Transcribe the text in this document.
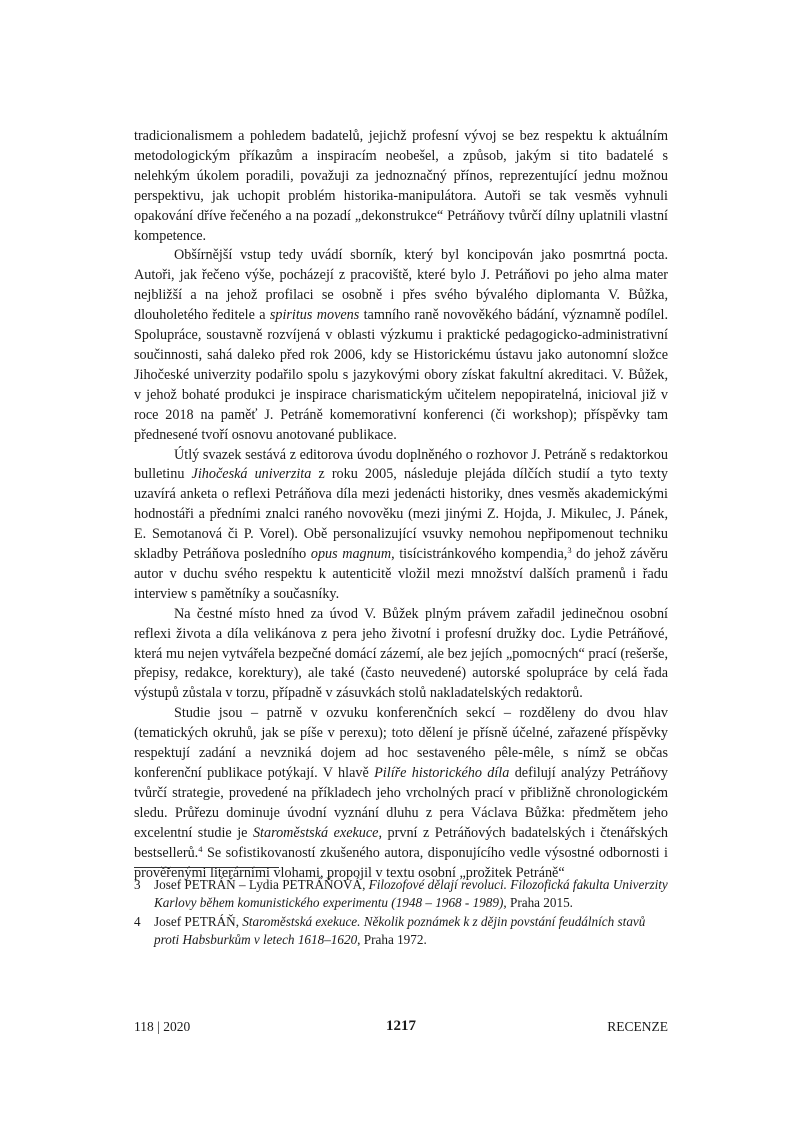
tradicionalismem a pohledem badatelů, jejichž profesní vývoj se bez respektu k aktuálním metodologickým příkazům a inspiracím neobešel, a způsob, jakým si tito badatelé s nelehkým úkolem poradili, považuji za jednoznačný přínos, reprezentující jednu možnou perspektivu, jak uchopit problém historika-manipulátora. Autoři se tak vesměs vyhnuli opakování dříve řečeného a na pozadí „dekonstrukce“ Petráňovy tvůrčí dílny uplatnili vlastní kompetence.

Obšírnější vstup tedy uvádí sborník, který byl koncipován jako posmrtná pocta. Autoři, jak řečeno výše, pocházejí z pracoviště, které bylo J. Petráňovi po jeho alma mater nejbližší a na jehož profilaci se osobně i přes svého bývalého diplomanta V. Bůžka, dlouholetého ředitele a spiritus movens tamního raně novověkého bádání, významně podílel. Spolupráce, soustavně rozvíjená v oblasti výzkumu i praktické pedagogicko-administrativní součinnosti, sahá daleko před rok 2006, kdy se Historickému ústavu jako autonomní složce Jihočeské univerzity podařilo spolu s jazykovými obory získat fakultní akreditaci. V. Bůžek, v jehož bohaté produkci je inspirace charismatickým učitelem nepopiratelná, inicioval již v roce 2018 na paměť J. Petráně komemorativní konferenci (či workshop); příspěvky tam přednesené tvoří osnovu anotované publikace.

Útlý svazek sestává z editorova úvodu doplněného o rozhovor J. Petráně s redaktorkou bulletinu Jihočeská univerzita z roku 2005, následuje plejáda dílčích studií a tyto texty uzavírá anketa o reflexi Petráňova díla mezi jedenácti historiky, dnes vesměs akademickými hodnostáři a předními znalci raného novověku (mezi jinými Z. Hojda, J. Mikulec, J. Pánek, E. Semotanová či P. Vorel). Obě personalizující vsuvky nemohou nepřipomenout techniku skladby Petráňova posledního opus magnum, tisícistránkového kompendia,$^3$ do jehož závěru autor v duchu svého respektu k autenticitě vložil mezi množství dalších pramenů i řadu interview s pamětníky a současníky.

Na čestné místo hned za úvod V. Bůžek plným právem zařadil jedinečnou osobní reflexi života a díla velikánova z pera jeho životní i profesní družky doc. Lydie Petráňové, která mu nejen vytvářela bezpečné domácí zázemí, ale bez jejích „pomocných“ prací (rešerše, přepisy, redakce, korektury), ale také (často neuvedené) autorské spolupráce by celá řada výstupů zůstala v torzu, případně v zásuvkách stolů nakladatelských redaktorů.

Studie jsou – patrně v ozvuku konferenčních sekcí – rozděleny do dvou hlav (tematických okruhů, jak se píše v perexu); toto dělení je přísně účelné, zařazené příspěvky respektují zadání a nevzniká dojem ad hoc sestaveného pêle-mêle, s nímž se občas konferenční publikace potýkají. V hlavě Pilíře historického díla defilují analýzy Petráňovy tvůrčí strategie, provedené na příkladech jeho vrcholných prací v přibližně chronologickém sledu. Průřezu dominuje úvodní vyznání dluhu z pera Václava Bůžka: předmětem jeho excelentní studie je Staroměstská exekuce, první z Petráňových badatelských i čtenářských bestsellerů.$^4$ Se sofistikovaností zkušeného autora, disponujícího vedle výsostné odbornosti i prověřenými literárními vlohami, propojil v textu osobní „prožitek Petráně“

3	Josef PETRÁŇ – Lydia PETRÁŇOVÁ, Filozofové dělají revoluci. Filozofická fakulta Univerzity Karlovy během komunistického experimentu (1948 – 1968 - 1989), Praha 2015.
4	Josef PETRÁŇ, Staroměstská exekuce. Několik poznámek k z dějin povstání feudálních stavů proti Habsburkům v letech 1618–1620, Praha 1972.
118 | 2020	1217	RECENZE
